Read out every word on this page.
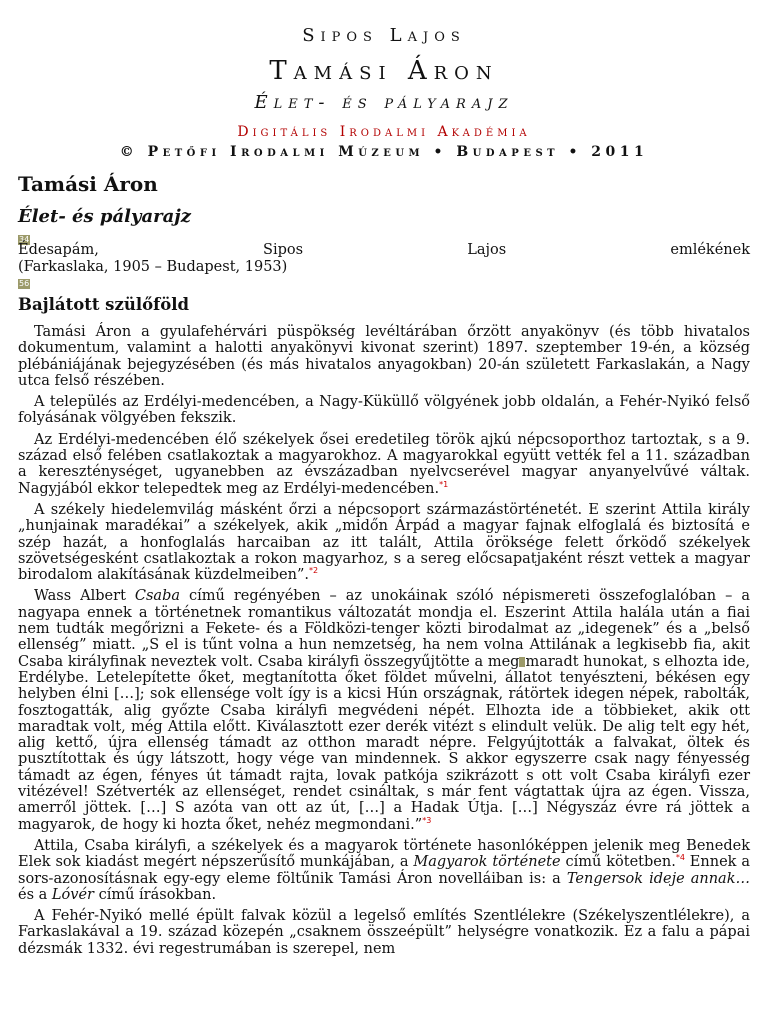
Sipos Lajos

Tamási Áron

Élet- és pályarajz

Digitális Irodalmi Akadémia

© Petőfi Irodalmi Múzeum • Budapest • 2011

Tamási Áron
Élet- és pályarajz

34

Édesapám,	Sipos	Lajos	emlékének
(Farkaslaka, 1905 – Budapest, 1953)

56

Bajlátott szülőföld

Tamási Áron a gyulafehérvári püspökség levéltárában őrzött anyakönyv (és több hivatalos dokumentum, valamint a halotti anyakönyvi kivonat szerint) 1897. szeptember 19-én, a község plébániájának bejegyzésében (és más hivatalos anyagokban) 20-án született Farkaslakán, a Nagy utca felső részében.

A település az Erdélyi-medencében, a Nagy-Küküllő völgyének jobb oldalán, a Fehér-Nyikó felső folyásának völgyében fekszik.

Az Erdélyi-medencében élő székelyek ősei eredetileg török ajkú népcsoporthoz tartoztak, s a 9. század első felében csatlakoztak a magyarokhoz. A magyarokkal együtt vették fel a 11. században a kereszténységet, ugyanebben az évszázadban nyelvcserével magyar anyanyelvűvé váltak. Nagyjából ekkor telepedtek meg az Erdélyi-medencében.$^{*1}$

A székely hiedelemvilág másként őrzi a népcsoport származástörténetét. E szerint Attila király „hunjainak maradékai” a székelyek, akik „midőn Árpád a magyar fajnak elfoglalá és biztosítá e szép hazát, a honfoglalás harcaiban az itt talált, Attila öröksége felett őrködő székelyek szövetségesként csatlakoztak a rokon magyarhoz, s a sereg előcsapatjaként részt vettek a magyar birodalom alakításának küzdelmeiben”.$^{*2}$

Wass Albert Csaba című regényében – az unokáinak szóló népismereti összefoglalóban – a nagyapa ennek a történetnek romantikus változatát mondja el. Eszerint Attila halála után a fiai nem tudták megőrizni a Fekete- és a Földközi-tenger közti birodalmat az „idegenek” és a „belső ellenség” miatt. „S el is tűnt volna a hun nemzetség, ha nem volna Attilának a legkisebb fia, akit Csaba királyfinak neveztek volt. Csaba királyfi összegyűjtötte a meg maradt hunokat, s elhozta ide, Erdélybe. Letelepítette őket, megtanította őket földet művelni, állatot tenyészteni, békésen egy helyben élni […]; sok ellensége volt így is a kicsi Hún országnak, rátörtek idegen népek, rabolták, fosztogatták, alig győzte Csaba királyfi megvédeni népét. Elhozta ide a többieket, akik ott maradtak volt, még Attila előtt. Kiválasztott ezer derék vitézt s elindult velük. De alig telt egy hét, alig kettő, újra ellenség támadt az otthon maradt népre. Felgyújtották a falvakat, öltek és pusztítottak és úgy látszott, hogy vége van mindennek. S akkor egyszerre csak nagy fényesség támadt az égen, fényes út támadt rajta, lovak patkója szikrázott s ott volt Csaba királyfi ezer vitézével! Szétverték az ellenséget, rendet csináltak, s már fent vágtattak újra az égen. Vissza, amerről jöttek. […] S azóta van ott az út, […] a Hadak Útja. […] Négyszáz évre rá jöttek a magyarok, de hogy ki hozta őket, nehéz megmondani.”$^{*3}$

Attila, Csaba királyfi, a székelyek és a magyarok története hasonlóképpen jelenik meg Benedek Elek sok kiadást megért népszerűsítő munkájában, a Magyarok története című kötetben.$^{*4}$ Ennek a sors-azonosításnak egy-egy eleme föltűnik Tamási Áron novelláiban is: a Tengersok ideje annak… és a Lóvér című írásokban.

A Fehér-Nyikó mellé épült falvak közül a legelső említés Szentlélekre (Székelyszentlélekre), a Farkaslakával a 19. század közepén „csaknem összeépült” helységre vonatkozik. Ez a falu a pápai dézsmák 1332. évi regestrumában is szerepel, nem
